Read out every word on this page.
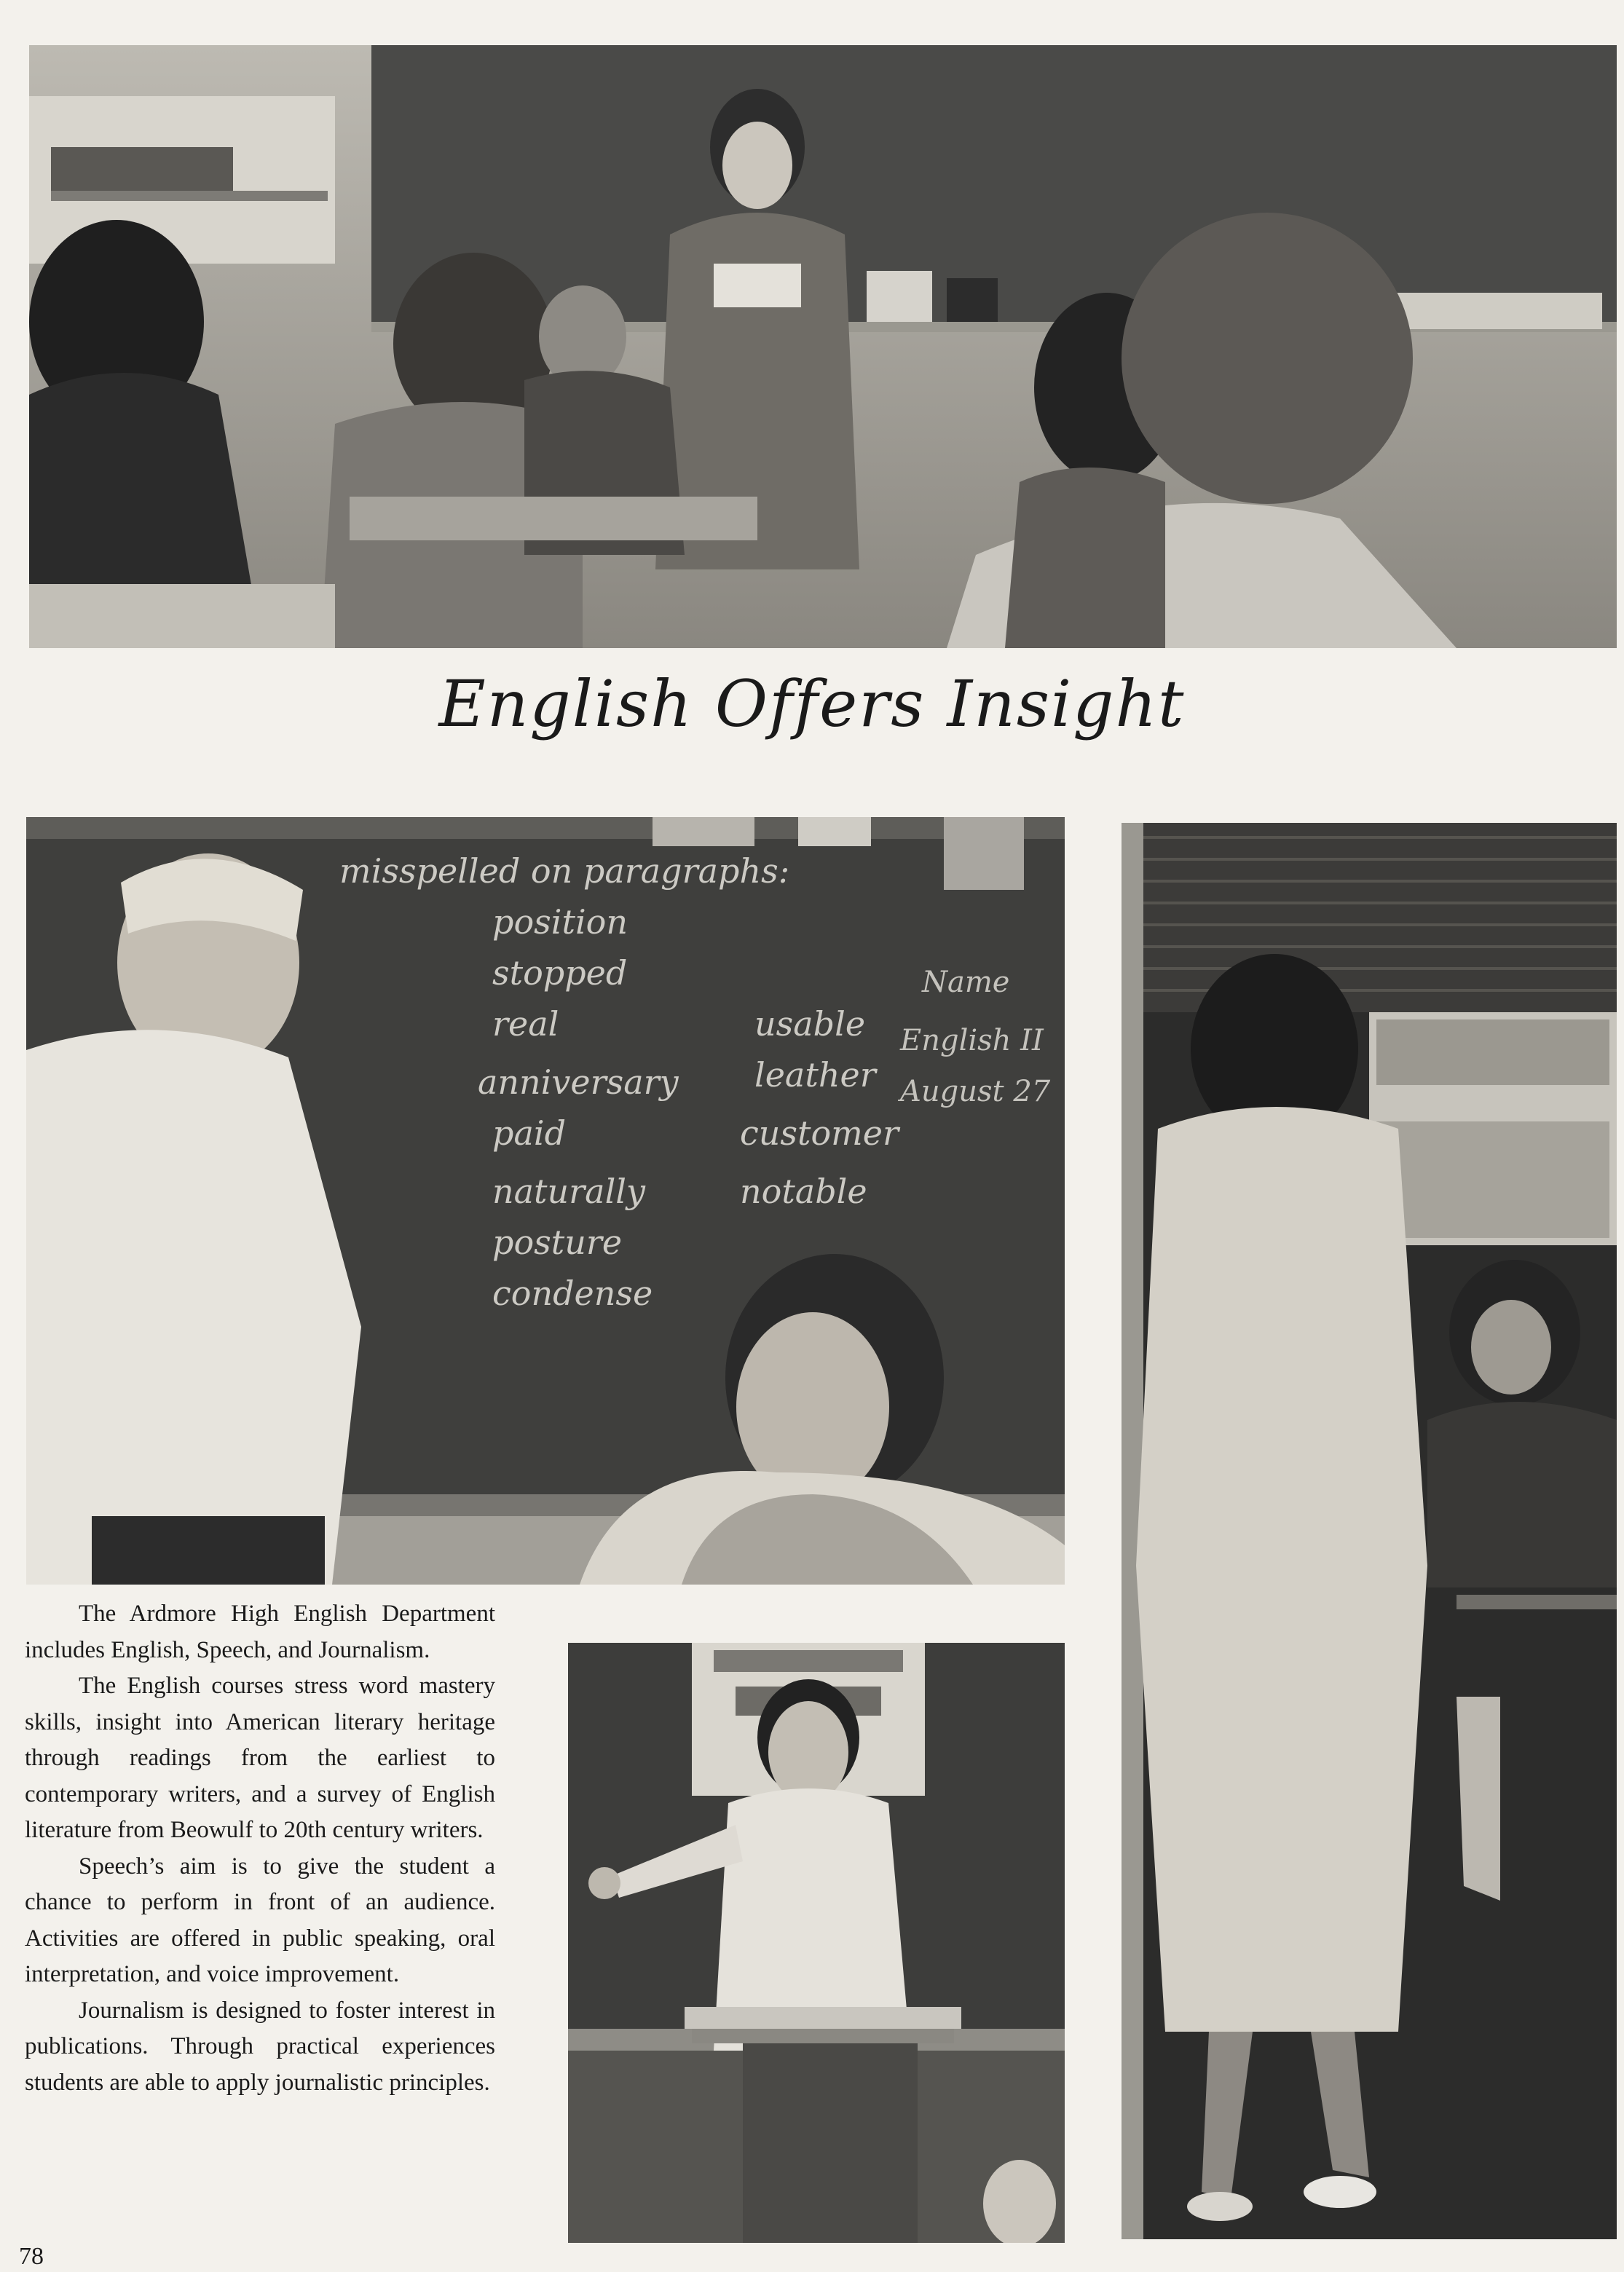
English Offers Insight
misspelled on paragraphs:
position
stopped
real
anniversary
paid
naturally
posture
condense
usable
leather
customer
notable
Name
English II
August 27

The Ardmore High English Department includes English, Speech, and Journalism.

The English courses stress word mastery skills, insight into American literary heritage through readings from the earliest to contemporary writers, and a survey of English literature from Beowulf to 20th century writers.

Speech’s aim is to give the student a chance to perform in front of an audience. Activities are offered in public speaking, oral interpretation, and voice improvement.

Journalism is designed to foster interest in publications. Through practical experiences students are able to apply journalistic principles.

78
